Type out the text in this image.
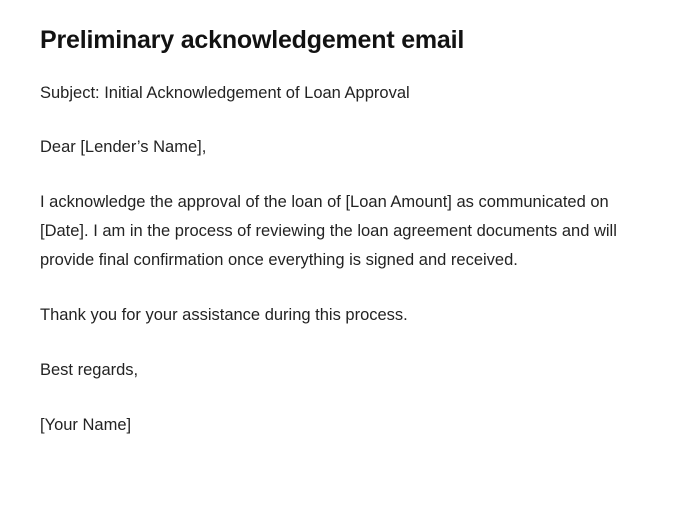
Preliminary acknowledgement email

Subject: Initial Acknowledgement of Loan Approval

Dear [Lender’s Name],

I acknowledge the approval of the loan of [Loan Amount] as communicated on [Date]. I am in the process of reviewing the loan agreement documents and will provide final confirmation once everything is signed and received.

Thank you for your assistance during this process.

Best regards,

[Your Name]
